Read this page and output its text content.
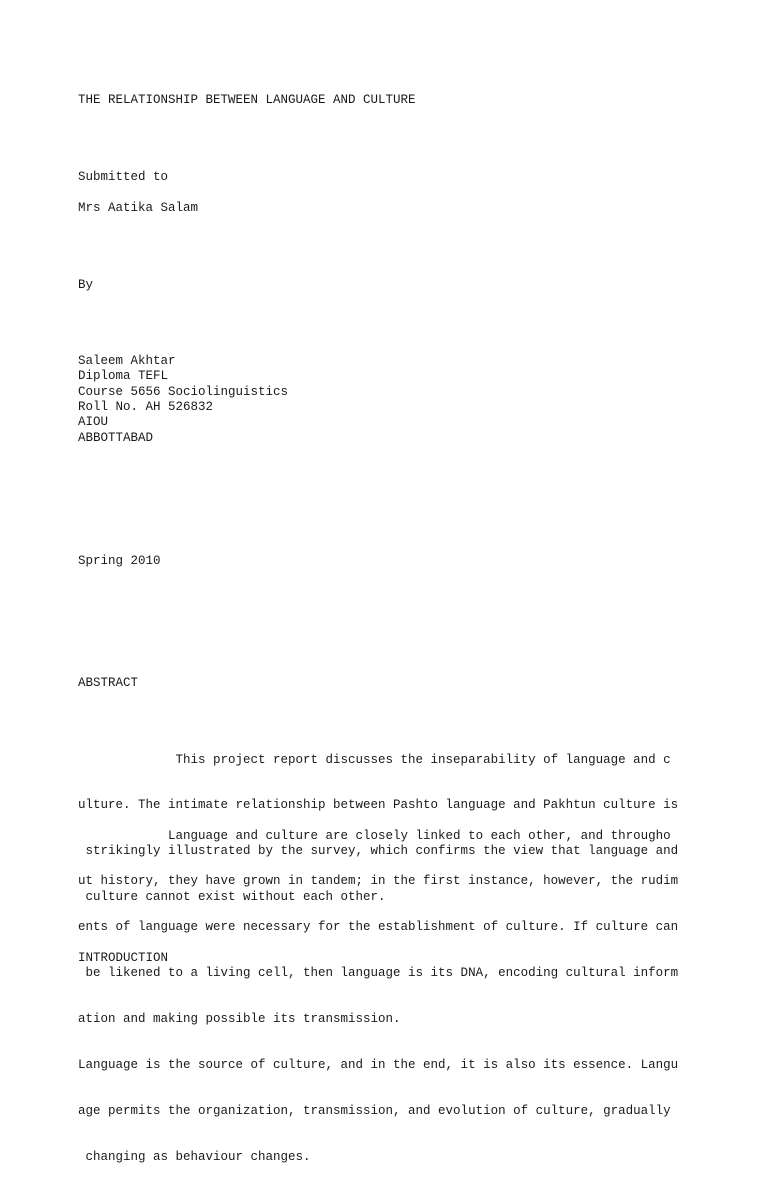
THE RELATIONSHIP BETWEEN LANGUAGE AND CULTURE

Submitted to

Mrs Aatika Salam

By

Saleem Akhtar

Diploma TEFL

Course 5656 Sociolinguistics

Roll No. AH 526832

AIOU

ABBOTTABAD

Spring 2010

ABSTRACT

This project report discusses the inseparability of language and c

ulture. The intimate relationship between Pashto language and Pakhtun culture is

strikingly illustrated by the survey, which confirms the view that language and

culture cannot exist without each other.

Language and culture are closely linked to each other, and througho

ut history, they have grown in tandem; in the first instance, however, the rudim

ents of language were necessary for the establishment of culture. If culture can

be likened to a living cell, then language is its DNA, encoding cultural inform

ation and making possible its transmission.

Language is the source of culture, and in the end, it is also its essence. Langu

age permits the organization, transmission, and evolution of culture, gradually

changing as behaviour changes.

INTRODUCTION
